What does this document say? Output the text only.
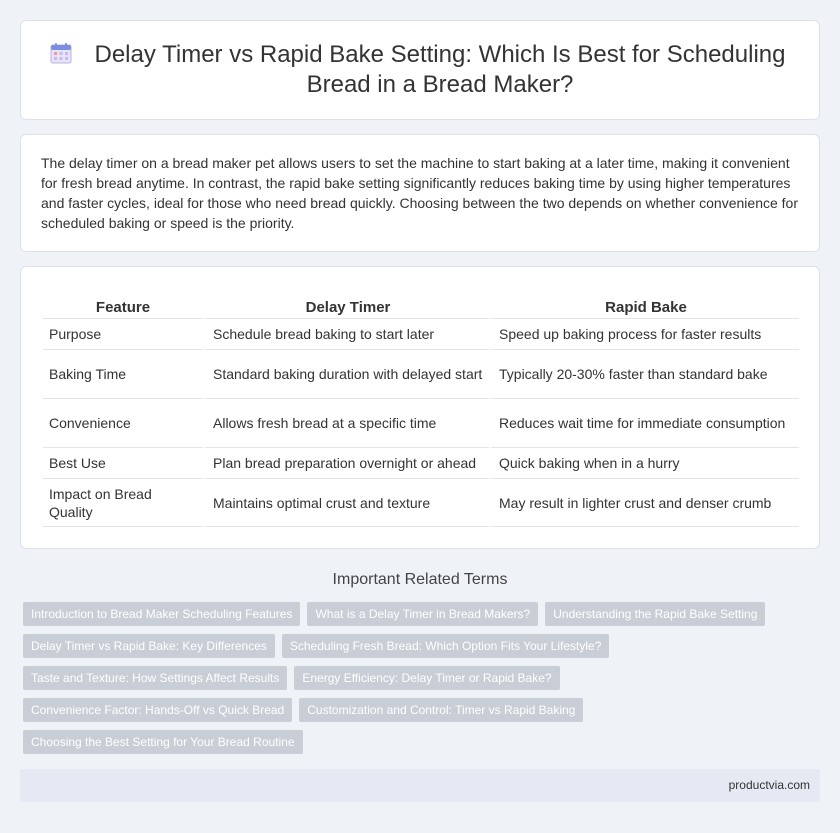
Delay Timer vs Rapid Bake Setting: Which Is Best for Scheduling Bread in a Bread Maker?

The delay timer on a bread maker pet allows users to set the machine to start baking at a later time, making it convenient for fresh bread anytime. In contrast, the rapid bake setting significantly reduces baking time by using higher temperatures and faster cycles, ideal for those who need bread quickly. Choosing between the two depends on whether convenience for scheduled baking or speed is the priority.

Feature	Delay Timer	Rapid Bake
Purpose	Schedule bread baking to start later	Speed up baking process for faster results
Baking Time	Standard baking duration with delayed start	Typically 20-30% faster than standard bake
Convenience	Allows fresh bread at a specific time	Reduces wait time for immediate consumption
Best Use	Plan bread preparation overnight or ahead	Quick baking when in a hurry
Impact on Bread Quality	Maintains optimal crust and texture	May result in lighter crust and denser crumb
Important Related Terms
Introduction to Bread Maker Scheduling Features	What is a Delay Timer in Bread Makers?	Understanding the Rapid Bake Setting
Delay Timer vs Rapid Bake: Key Differences	Scheduling Fresh Bread: Which Option Fits Your Lifestyle?
Taste and Texture: How Settings Affect Results	Energy Efficiency: Delay Timer or Rapid Bake?
Convenience Factor: Hands-Off vs Quick Bread	Customization and Control: Timer vs Rapid Baking
Choosing the Best Setting for Your Bread Routine
productvia.com
